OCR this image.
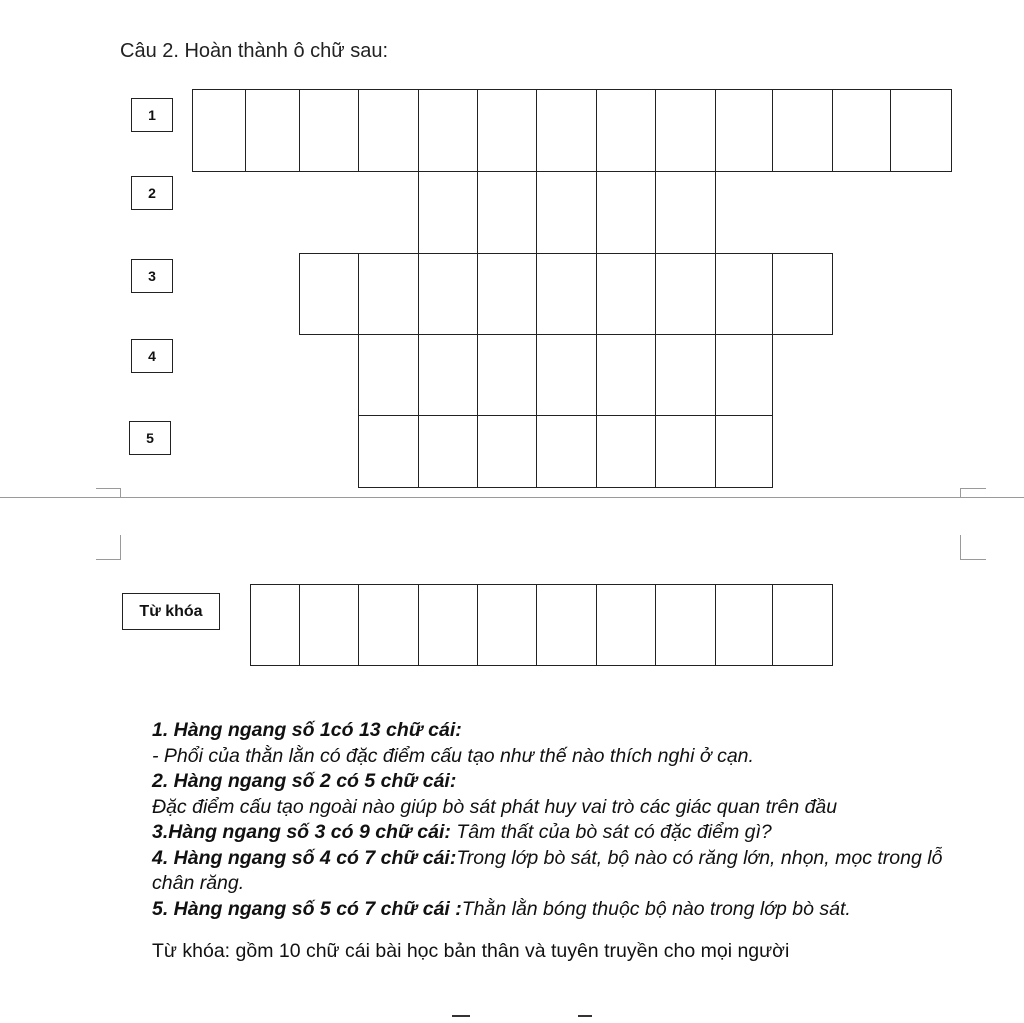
Câu 2. Hoàn thành ô chữ sau:
1
2
3
4
5
Từ khóa

1. Hàng ngang số 1có 13 chữ cái:

- Phổi của thằn lằn có đặc điểm cấu tạo như thế nào thích nghi ở cạn.

2. Hàng ngang số 2 có 5 chữ cái:

Đặc điểm cấu tạo ngoài nào giúp bò sát phát huy vai trò các giác quan trên đầu

3.Hàng ngang số 3 có 9 chữ cái: Tâm thất của bò sát có đặc điểm gì?

4. Hàng ngang số 4 có 7 chữ cái:Trong lớp bò sát, bộ nào có răng lớn, nhọn, mọc trong lỗ chân răng.

5. Hàng ngang số 5 có 7 chữ cái :Thằn lằn bóng thuộc bộ nào trong lớp bò sát.

Từ khóa: gồm 10 chữ cái bài học bản thân và tuyên truyền cho mọi người
